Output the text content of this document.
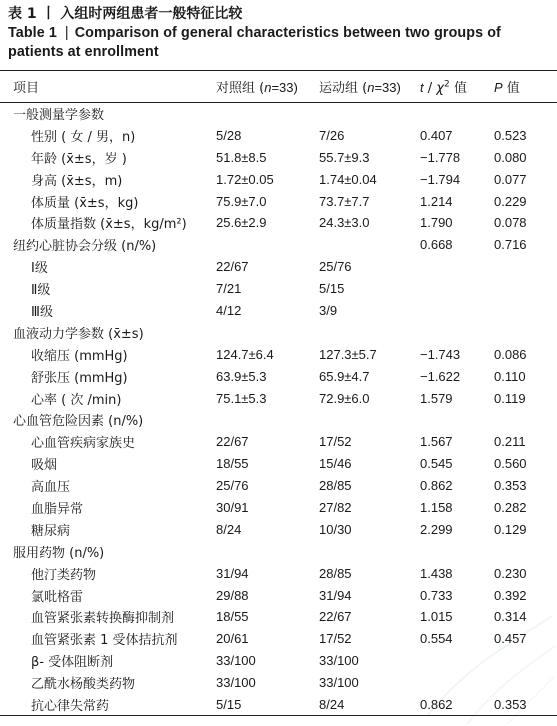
表 1 丨 入组时两组患者一般特征比较
Table 1 | Comparison of general characteristics between two groups of patients at enrollment
项目	对照组 (n=33)	运动组 (n=33)	t / $\chi^2$ 值	P 值
一般测量学参数				
性别 ( 女 / 男，n)	5/28	7/26	0.407	0.523
年龄 (x̄±s，岁 )	51.8±8.5	55.7±9.3	−1.778	0.080
身高 (x̄±s，m)	1.72±0.05	1.74±0.04	−1.794	0.077
体质量 (x̄±s，kg)	75.9±7.0	73.7±7.7	1.214	0.229
体质量指数 (x̄±s，kg/m²)	25.6±2.9	24.3±3.0	1.790	0.078
纽约心脏协会分级 (n/%)			0.668	0.716
Ⅰ级	22/67	25/76		
Ⅱ级	7/21	5/15		
Ⅲ级	4/12	3/9		
血液动力学参数 (x̄±s)				
收缩压 (mmHg)	124.7±6.4	127.3±5.7	−1.743	0.086
舒张压 (mmHg)	63.9±5.3	65.9±4.7	−1.622	0.110
心率 ( 次 /min)	75.1±5.3	72.9±6.0	1.579	0.119
心血管危险因素 (n/%)				
心血管疾病家族史	22/67	17/52	1.567	0.211
吸烟	18/55	15/46	0.545	0.560
高血压	25/76	28/85	0.862	0.353
血脂异常	30/91	27/82	1.158	0.282
糖尿病	8/24	10/30	2.299	0.129
服用药物 (n/%)				
他汀类药物	31/94	28/85	1.438	0.230
氯吡格雷	29/88	31/94	0.733	0.392
血管紧张素转换酶抑制剂	18/55	22/67	1.015	0.314
血管紧张素 1 受体拮抗剂	20/61	17/52	0.554	0.457
β- 受体阻断剂	33/100	33/100		
乙酰水杨酸类药物	33/100	33/100		
抗心律失常药	5/15	8/24	0.862	0.353
